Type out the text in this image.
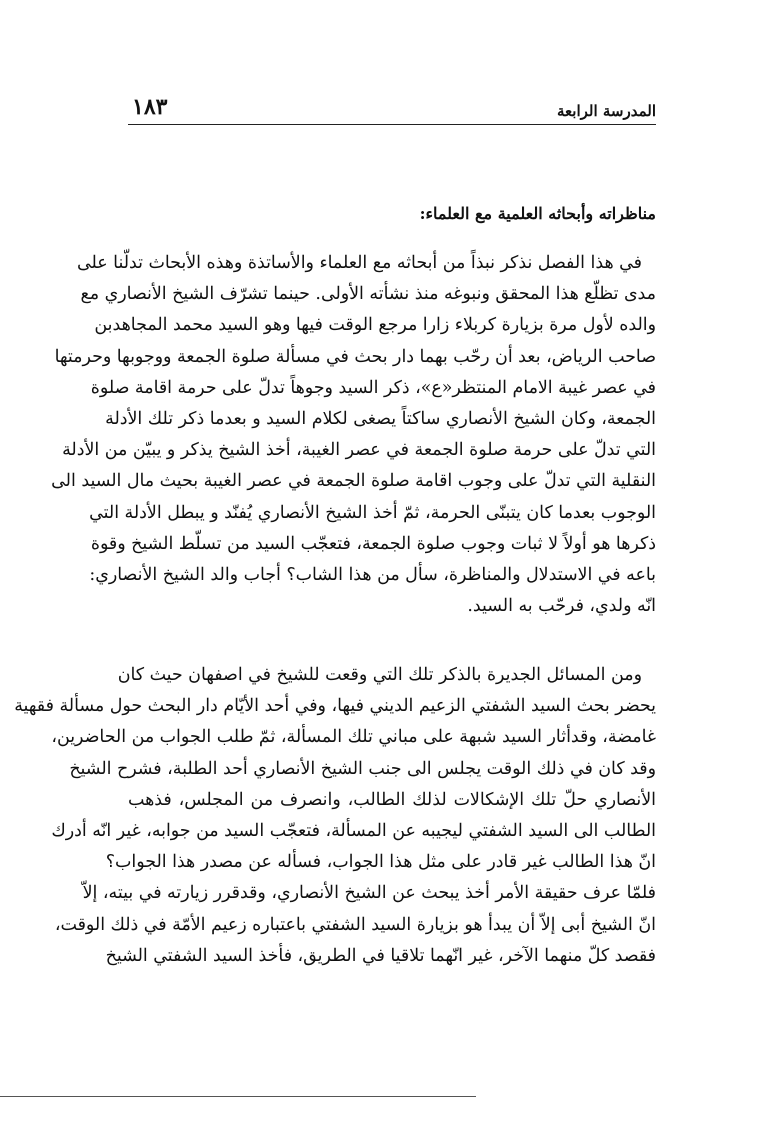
المدرسة الرابعة
١٨٣
مناظراته وأبحاثه العلمية مع العلماء:
في هذا الفصل نذكر نبذاً من أبحاثه مع العلماء والأساتذة وهذه الأبحاث تدلّنا على
مدى تظلّع هذا المحقق ونبوغه منذ نشأته الأولى. حينما تشرّف الشيخ الأنصاري مع
والده لأول مرة بزيارة كربلاء زارا مرجع الوقت فيها وهو السيد محمد المجاهدبن
صاحب الرياض، بعد أن رحّب بهما دار بحث في مسألة صلوة الجمعة ووجوبها وحرمتها
في عصر غيبة الامام المنتظر«ع»، ذكر السيد وجوهاً تدلّ على حرمة اقامة صلوة
الجمعة، وكان الشيخ الأنصاري ساكتاً يصغى لكلام السيد و بعدما ذكر تلك الأدلة
التي تدلّ على حرمة صلوة الجمعة في عصر الغيبة، أخذ الشيخ يذكر و يبيّن من الأدلة
النقلية التي تدلّ على وجوب اقامة صلوة الجمعة في عصر الغيبة بحيث مال السيد الى
الوجوب بعدما كان يتبنّى الحرمة، ثمّ أخذ الشيخ الأنصاري يُفنّد و يبطل الأدلة التي
ذكرها هو أولاً لا ثبات وجوب صلوة الجمعة، فتعجّب السيد من تسلّط الشيخ وقوة
باعه في الاستدلال والمناظرة، سأل من هذا الشاب؟ أجاب والد الشيخ الأنصاري:
انّه ولدي، فرحّب به السيد.
ومن المسائل الجديرة بالذكر تلك التي وقعت للشيخ في اصفهان حيث كان
يحضر بحث السيد الشفتي الزعيم الديني فيها، وفي أحد الأيّام دار البحث حول مسألة فقهية
غامضة، وقدأثار السيد شبهة على مباني تلك المسألة، ثمّ طلب الجواب من الحاضرين،
وقد كان في ذلك الوقت يجلس الى جنب الشيخ الأنصاري أحد الطلبة، فشرح الشيخ
الأنصاري حلّ تلك الإشكالات لذلك الطالب، وانصرف من المجلس، فذهب
الطالب الى السيد الشفتي ليجيبه عن المسألة، فتعجّب السيد من جوابه، غير انّه أدرك
انّ هذا الطالب غير قادر على مثل هذا الجواب، فسأله عن مصدر هذا الجواب؟
فلمّا عرف حقيقة الأمر أخذ يبحث عن الشيخ الأنصاري، وقدقرر زيارته في بيته، إلاّ
انّ الشيخ أبى إلاّ أن يبدأ هو بزيارة السيد الشفتي باعتباره زعيم الأمّة في ذلك الوقت،
فقصد كلّ منهما الآخر، غير انّهما تلاقيا في الطريق، فأخذ السيد الشفتي الشيخ
